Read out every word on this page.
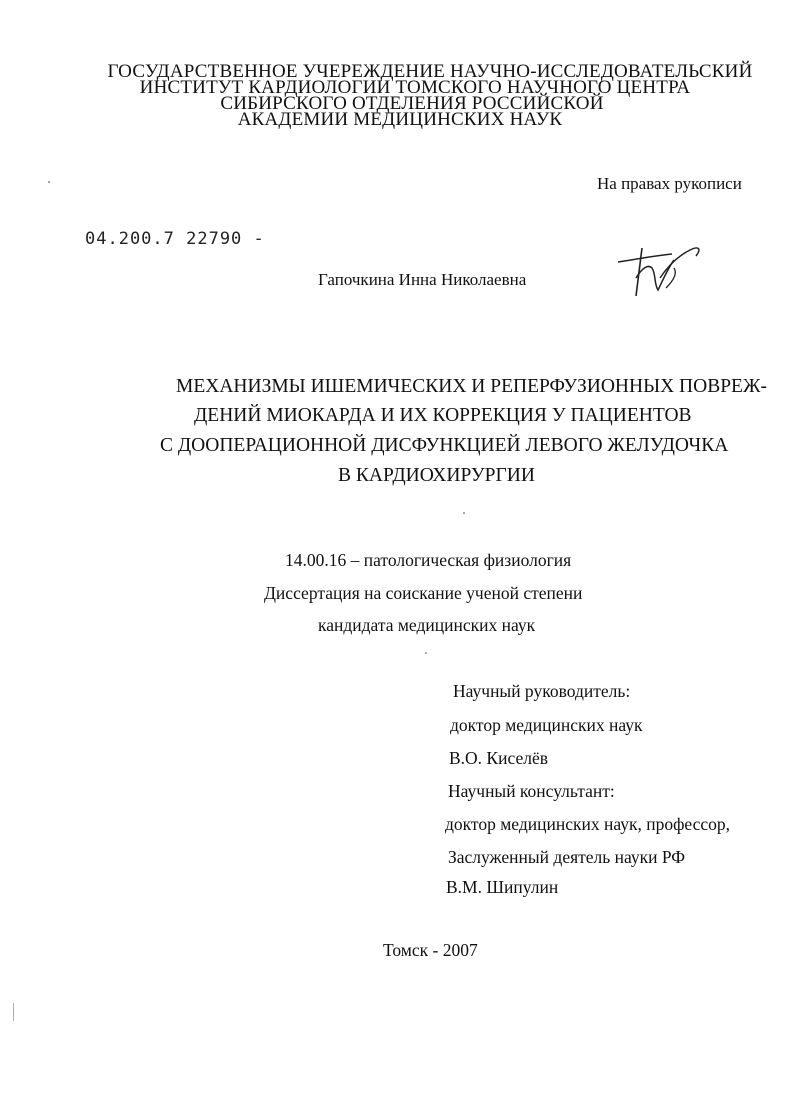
ГОСУДАРСТВЕННОЕ УЧЕРЕЖДЕНИЕ НАУЧНО-ИССЛЕДОВАТЕЛЬСКИЙ
ИНСТИТУТ КАРДИОЛОГИИ ТОМСКОГО НАУЧНОГО ЦЕНТРА
СИБИРСКОГО ОТДЕЛЕНИЯ РОССИЙСКОЙ
АКАДЕМИИ МЕДИЦИНСКИХ НАУК
На правах рукописи
04.200.7 22790 -
Гапочкина Инна Николаевна
МЕХАНИЗМЫ ИШЕМИЧЕСКИХ И РЕПЕРФУЗИОННЫХ ПОВРЕЖ-
ДЕНИЙ МИОКАРДА И ИХ КОРРЕКЦИЯ У ПАЦИЕНТОВ
С ДООПЕРАЦИОННОЙ ДИСФУНКЦИЕЙ ЛЕВОГО ЖЕЛУДОЧКА
В КАРДИОХИРУРГИИ
14.00.16 – патологическая физиология
Диссертация на соискание ученой степени
кандидата медицинских наук
Научный руководитель:
доктор медицинских наук
В.О. Киселёв
Научный консультант:
доктор медицинских наук, профессор,
Заслуженный деятель науки РФ
В.М. Шипулин
Томск - 2007
